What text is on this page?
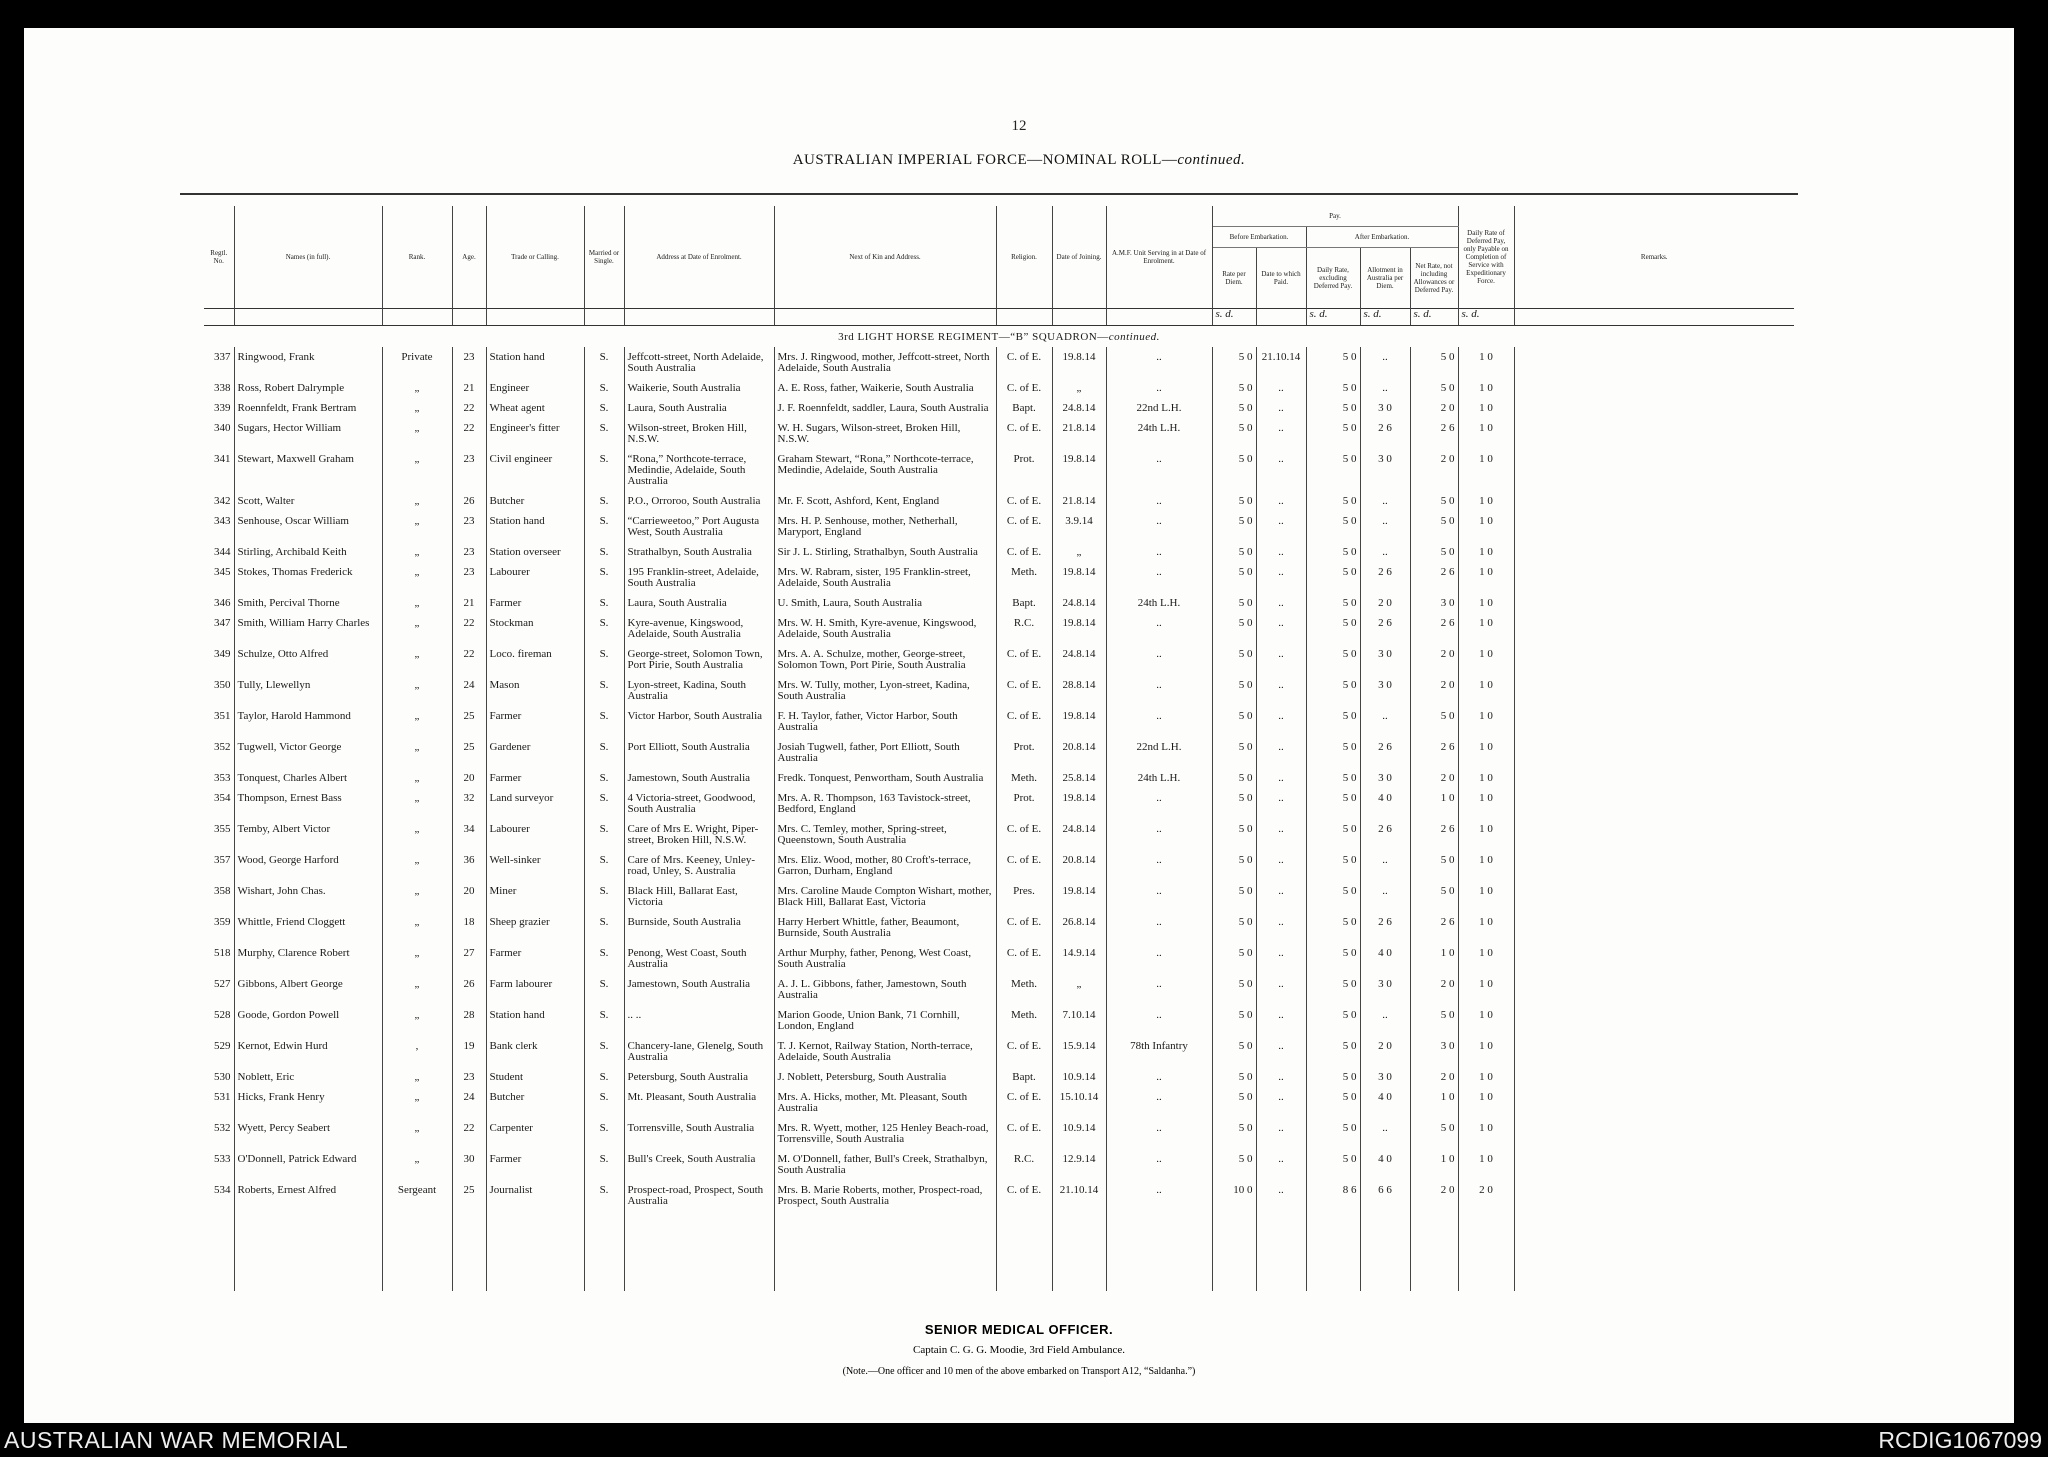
12
AUSTRALIAN IMPERIAL FORCE—NOMINAL ROLL—continued.
Regtl. No.	Names (in full).	Rank.	Age.	Trade or Calling.	Married or Single.	Address at Date of Enrolment.	Next of Kin and Address.	Religion.	Date of Joining.	A.M.F. Unit Serving in at Date of Enrolment.	Pay.					Daily Rate of Deferred Pay, only Payable on Completion of Service with Expeditionary Force.	Remarks.
											Before Embarkation.		After Embarkation.				
											Rate per Diem.	Date to which Paid.	Daily Rate, excluding Deferred Pay.	Allotment in Australia per Diem.	Net Rate, not including Allowances or Deferred Pay.		
											s. d.		s. d.	s. d.	s. d.	s. d.	
3rd LIGHT HORSE REGIMENT—“B” SQUADRON—continued.																	
337	Ringwood, Frank	Private	23	Station hand	S.	Jeffcott-street, North Adelaide, South Australia	Mrs. J. Ringwood, mother, Jeffcott-street, North Adelaide, South Australia	C. of E.	19.8.14	..	5 0	21.10.14	5 0	..	5 0	1 0	
338	Ross, Robert Dalrymple	„	21	Engineer	S.	Waikerie, South Australia	A. E. Ross, father, Waikerie, South Australia	C. of E.	„	..	5 0	..	5 0	..	5 0	1 0	
339	Roennfeldt, Frank Bertram	„	22	Wheat agent	S.	Laura, South Australia	J. F. Roennfeldt, saddler, Laura, South Australia	Bapt.	24.8.14	22nd L.H.	5 0	..	5 0	3 0	2 0	1 0	
340	Sugars, Hector William	„	22	Engineer's fitter	S.	Wilson-street, Broken Hill, N.S.W.	W. H. Sugars, Wilson-street, Broken Hill, N.S.W.	C. of E.	21.8.14	24th L.H.	5 0	..	5 0	2 6	2 6	1 0	
341	Stewart, Maxwell Graham	„	23	Civil engineer	S.	“Rona,” Northcote-terrace, Medindie, Adelaide, South Australia	Graham Stewart, “Rona,” Northcote-terrace, Medindie, Adelaide, South Australia	Prot.	19.8.14	..	5 0	..	5 0	3 0	2 0	1 0	
342	Scott, Walter	„	26	Butcher	S.	P.O., Orroroo, South Australia	Mr. F. Scott, Ashford, Kent, England	C. of E.	21.8.14	..	5 0	..	5 0	..	5 0	1 0	
343	Senhouse, Oscar William	„	23	Station hand	S.	“Carrieweetoo,” Port Augusta West, South Australia	Mrs. H. P. Senhouse, mother, Netherhall, Maryport, England	C. of E.	3.9.14	..	5 0	..	5 0	..	5 0	1 0	
344	Stirling, Archibald Keith	„	23	Station overseer	S.	Strathalbyn, South Australia	Sir J. L. Stirling, Strathalbyn, South Australia	C. of E.	„	..	5 0	..	5 0	..	5 0	1 0	
345	Stokes, Thomas Frederick	„	23	Labourer	S.	195 Franklin-street, Adelaide, South Australia	Mrs. W. Rabram, sister, 195 Franklin-street, Adelaide, South Australia	Meth.	19.8.14	..	5 0	..	5 0	2 6	2 6	1 0	
346	Smith, Percival Thorne	„	21	Farmer	S.	Laura, South Australia	U. Smith, Laura, South Australia	Bapt.	24.8.14	24th L.H.	5 0	..	5 0	2 0	3 0	1 0	
347	Smith, William Harry Charles	„	22	Stockman	S.	Kyre-avenue, Kingswood, Adelaide, South Australia	Mrs. W. H. Smith, Kyre-avenue, Kingswood, Adelaide, South Australia	R.C.	19.8.14	..	5 0	..	5 0	2 6	2 6	1 0	
349	Schulze, Otto Alfred	„	22	Loco. fireman	S.	George-street, Solomon Town, Port Pirie, South Australia	Mrs. A. A. Schulze, mother, George-street, Solomon Town, Port Pirie, South Australia	C. of E.	24.8.14	..	5 0	..	5 0	3 0	2 0	1 0	
350	Tully, Llewellyn	„	24	Mason	S.	Lyon-street, Kadina, South Australia	Mrs. W. Tully, mother, Lyon-street, Kadina, South Australia	C. of E.	28.8.14	..	5 0	..	5 0	3 0	2 0	1 0	
351	Taylor, Harold Hammond	„	25	Farmer	S.	Victor Harbor, South Australia	F. H. Taylor, father, Victor Harbor, South Australia	C. of E.	19.8.14	..	5 0	..	5 0	..	5 0	1 0	
352	Tugwell, Victor George	„	25	Gardener	S.	Port Elliott, South Australia	Josiah Tugwell, father, Port Elliott, South Australia	Prot.	20.8.14	22nd L.H.	5 0	..	5 0	2 6	2 6	1 0	
353	Tonquest, Charles Albert	„	20	Farmer	S.	Jamestown, South Australia	Fredk. Tonquest, Penwortham, South Australia	Meth.	25.8.14	24th L.H.	5 0	..	5 0	3 0	2 0	1 0	
354	Thompson, Ernest Bass	„	32	Land surveyor	S.	4 Victoria-street, Goodwood, South Australia	Mrs. A. R. Thompson, 163 Tavistock-street, Bedford, England	Prot.	19.8.14	..	5 0	..	5 0	4 0	1 0	1 0	
355	Temby, Albert Victor	„	34	Labourer	S.	Care of Mrs E. Wright, Piper-street, Broken Hill, N.S.W.	Mrs. C. Temley, mother, Spring-street, Queenstown, South Australia	C. of E.	24.8.14	..	5 0	..	5 0	2 6	2 6	1 0	
357	Wood, George Harford	„	36	Well-sinker	S.	Care of Mrs. Keeney, Unley-road, Unley, S. Australia	Mrs. Eliz. Wood, mother, 80 Croft's-terrace, Garron, Durham, England	C. of E.	20.8.14	..	5 0	..	5 0	..	5 0	1 0	
358	Wishart, John Chas.	„	20	Miner	S.	Black Hill, Ballarat East, Victoria	Mrs. Caroline Maude Compton Wishart, mother, Black Hill, Ballarat East, Victoria	Pres.	19.8.14	..	5 0	..	5 0	..	5 0	1 0	
359	Whittle, Friend Cloggett	„	18	Sheep grazier	S.	Burnside, South Australia	Harry Herbert Whittle, father, Beaumont, Burnside, South Australia	C. of E.	26.8.14	..	5 0	..	5 0	2 6	2 6	1 0	
518	Murphy, Clarence Robert	„	27	Farmer	S.	Penong, West Coast, South Australia	Arthur Murphy, father, Penong, West Coast, South Australia	C. of E.	14.9.14	..	5 0	..	5 0	4 0	1 0	1 0	
527	Gibbons, Albert George	„	26	Farm labourer	S.	Jamestown, South Australia	A. J. L. Gibbons, father, Jamestown, South Australia	Meth.	„	..	5 0	..	5 0	3 0	2 0	1 0	
528	Goode, Gordon Powell	„	28	Station hand	S.	.. ..	Marion Goode, Union Bank, 71 Cornhill, London, England	Meth.	7.10.14	..	5 0	..	5 0	..	5 0	1 0	
529	Kernot, Edwin Hurd	,	19	Bank clerk	S.	Chancery-lane, Glenelg, South Australia	T. J. Kernot, Railway Station, North-terrace, Adelaide, South Australia	C. of E.	15.9.14	78th Infantry	5 0	..	5 0	2 0	3 0	1 0	
530	Noblett, Eric	„	23	Student	S.	Petersburg, South Australia	J. Noblett, Petersburg, South Australia	Bapt.	10.9.14	..	5 0	..	5 0	3 0	2 0	1 0	
531	Hicks, Frank Henry	„	24	Butcher	S.	Mt. Pleasant, South Australia	Mrs. A. Hicks, mother, Mt. Pleasant, South Australia	C. of E.	15.10.14	..	5 0	..	5 0	4 0	1 0	1 0	
532	Wyett, Percy Seabert	„	22	Carpenter	S.	Torrensville, South Australia	Mrs. R. Wyett, mother, 125 Henley Beach-road, Torrensville, South Australia	C. of E.	10.9.14	..	5 0	..	5 0	..	5 0	1 0	
533	O'Donnell, Patrick Edward	„	30	Farmer	S.	Bull's Creek, South Australia	M. O'Donnell, father, Bull's Creek, Strathalbyn, South Australia	R.C.	12.9.14	..	5 0	..	5 0	4 0	1 0	1 0	
534	Roberts, Ernest Alfred	Sergeant	25	Journalist	S.	Prospect-road, Prospect, South Australia	Mrs. B. Marie Roberts, mother, Prospect-road, Prospect, South Australia	C. of E.	21.10.14	..	10 0	..	8 6	6 6	2 0	2 0	

SENIOR MEDICAL OFFICER.
Captain C. G. G. Moodie, 3rd Field Ambulance.
(Note.—One officer and 10 men of the above embarked on Transport A12, “Saldanha.”)
AUSTRALIAN WAR MEMORIAL	RCDIG1067099
